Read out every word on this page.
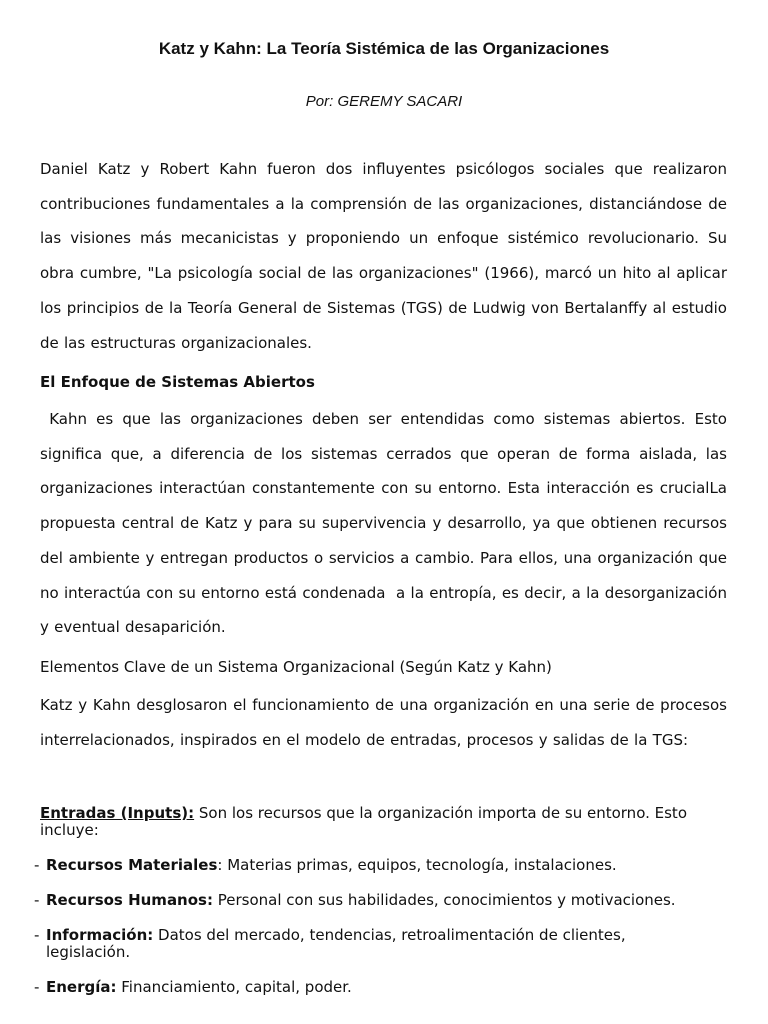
Katz y Kahn: La Teoría Sistémica de las Organizaciones

Por: GEREMY SACARI

Daniel Katz y Robert Kahn fueron dos influyentes psicólogos sociales que realizaron contribuciones fundamentales a la comprensión de las organizaciones, distanciándose de las visiones más mecanicistas y proponiendo un enfoque sistémico revolucionario. Su obra cumbre, "La psicología social de las organizaciones" (1966), marcó un hito al aplicar los principios de la Teoría General de Sistemas (TGS) de Ludwig von Bertalanffy al estudio de las estructuras organizacionales.

El Enfoque de Sistemas Abiertos

Kahn es que las organizaciones deben ser entendidas como sistemas abiertos. Esto significa que, a diferencia de los sistemas cerrados que operan de forma aislada, las organizaciones interactúan constantemente con su entorno. Esta interacción es crucialLa propuesta central de Katz y para su supervivencia y desarrollo, ya que obtienen recursos del ambiente y entregan productos o servicios a cambio. Para ellos, una organización que no interactúa con su entorno está condenada  a la entropía, es decir, a la desorganización y eventual desaparición.

Elementos Clave de un Sistema Organizacional (Según Katz y Kahn)

Katz y Kahn desglosaron el funcionamiento de una organización en una serie de procesos interrelacionados, inspirados en el modelo de entradas, procesos y salidas de la TGS:

Entradas (Inputs): Son los recursos que la organización importa de su entorno. Esto incluye:

- Recursos Materiales: Materias primas, equipos, tecnología, instalaciones.
- Recursos Humanos: Personal con sus habilidades, conocimientos y motivaciones.
- Información: Datos del mercado, tendencias, retroalimentación de clientes, legislación.
- Energía: Financiamiento, capital, poder.
